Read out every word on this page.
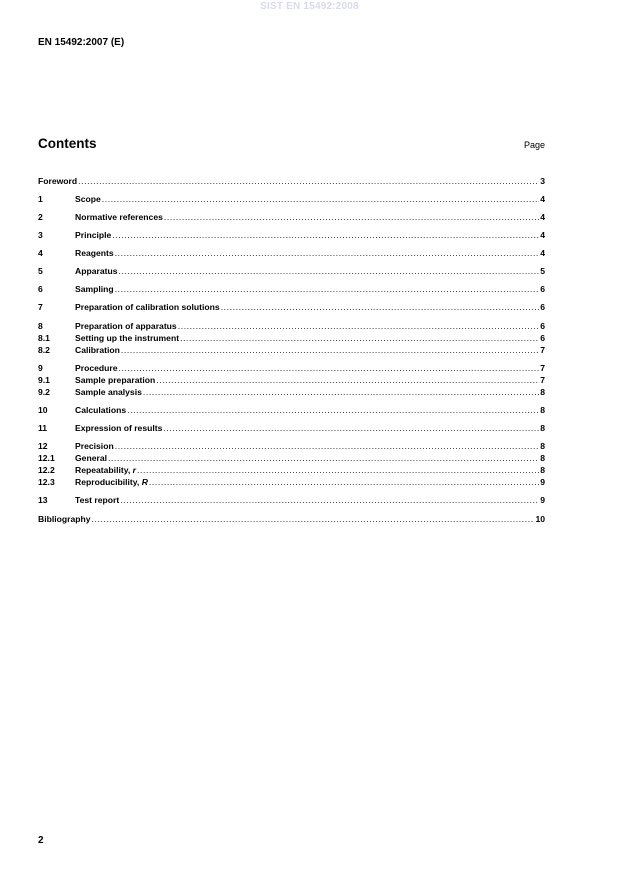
SIST EN 15492:2008
EN 15492:2007 (E)
Contents	Page
Foreword .....	3
1	Scope .....	4
2	Normative references .....	4
3	Principle .....	4
4	Reagents .....	4
5	Apparatus .....	5
6	Sampling .....	6
7	Preparation of calibration solutions .....	6
8	Preparation of apparatus .....	6
8.1	Setting up the instrument .....	6
8.2	Calibration .....	7
9	Procedure .....	7
9.1	Sample preparation .....	7
9.2	Sample analysis .....	8
10	Calculations .....	8
11	Expression of results .....	8
12	Precision .....	8
12.1	General .....	8
12.2	Repeatability, r .....	8
12.3	Reproducibility, R .....	9
13	Test report .....	9
Bibliography .....	10
2
